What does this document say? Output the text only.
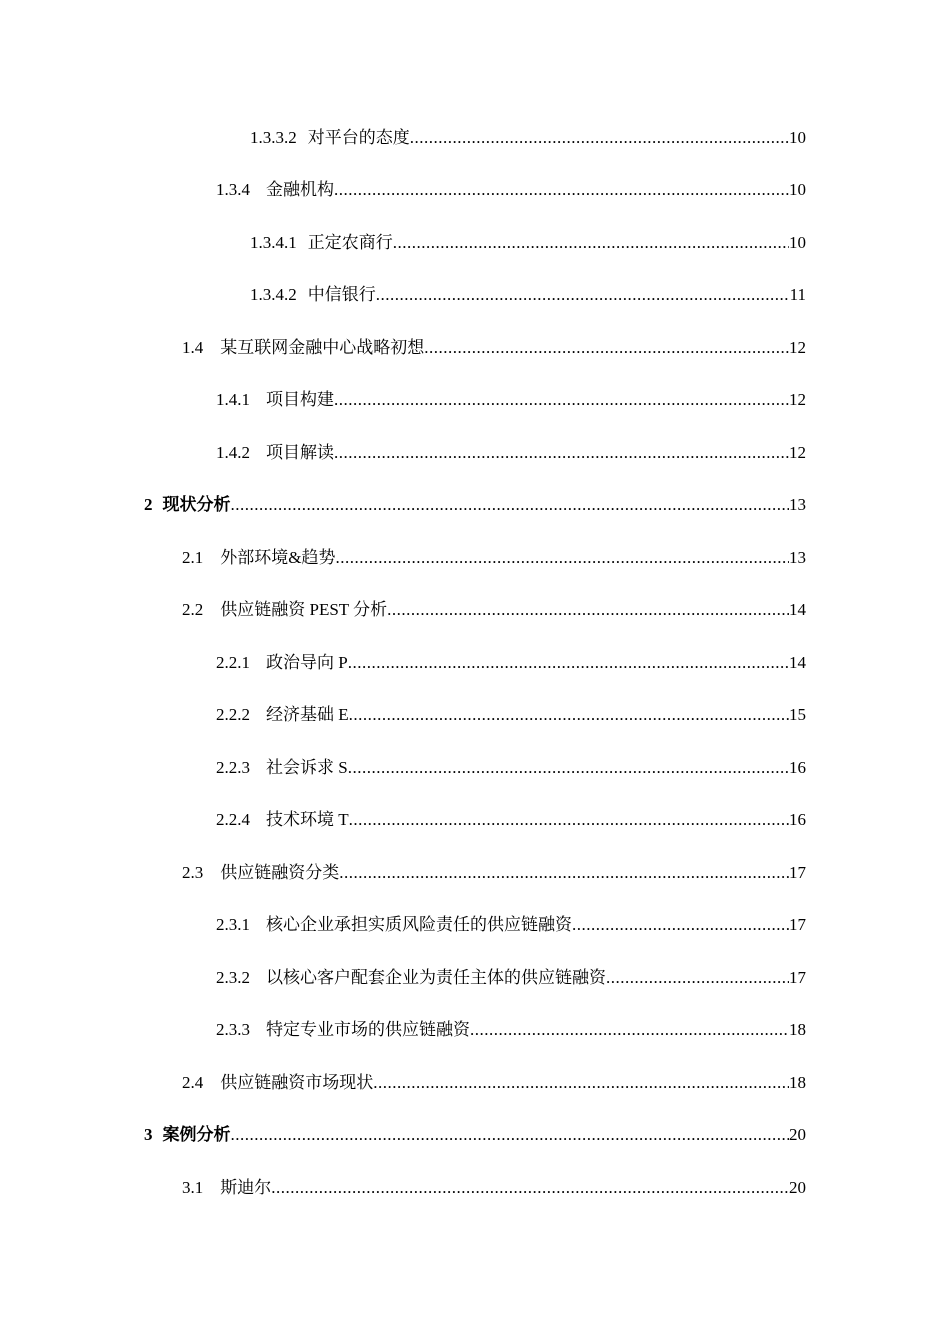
1.3.3.2 对平台的态度 .....	10
1.3.4 金融机构 .....	10
1.3.4.1 正定农商行 .....	10
1.3.4.2 中信银行 .....	11
1.4 某互联网金融中心战略初想 .....	12
1.4.1 项目构建 .....	12
1.4.2 项目解读 .....	12
2 现状分析 .....	13
2.1 外部环境&趋势 .....	13
2.2 供应链融资 PEST 分析 .....	14
2.2.1 政治导向 P .....	14
2.2.2 经济基础 E .....	15
2.2.3 社会诉求 S .....	16
2.2.4 技术环境 T .....	16
2.3 供应链融资分类 .....	17
2.3.1 核心企业承担实质风险责任的供应链融资 .....	17
2.3.2 以核心客户配套企业为责任主体的供应链融资 .....	17
2.3.3 特定专业市场的供应链融资 .....	18
2.4 供应链融资市场现状 .....	18
3 案例分析 .....	20
3.1 斯迪尔 .....	20
